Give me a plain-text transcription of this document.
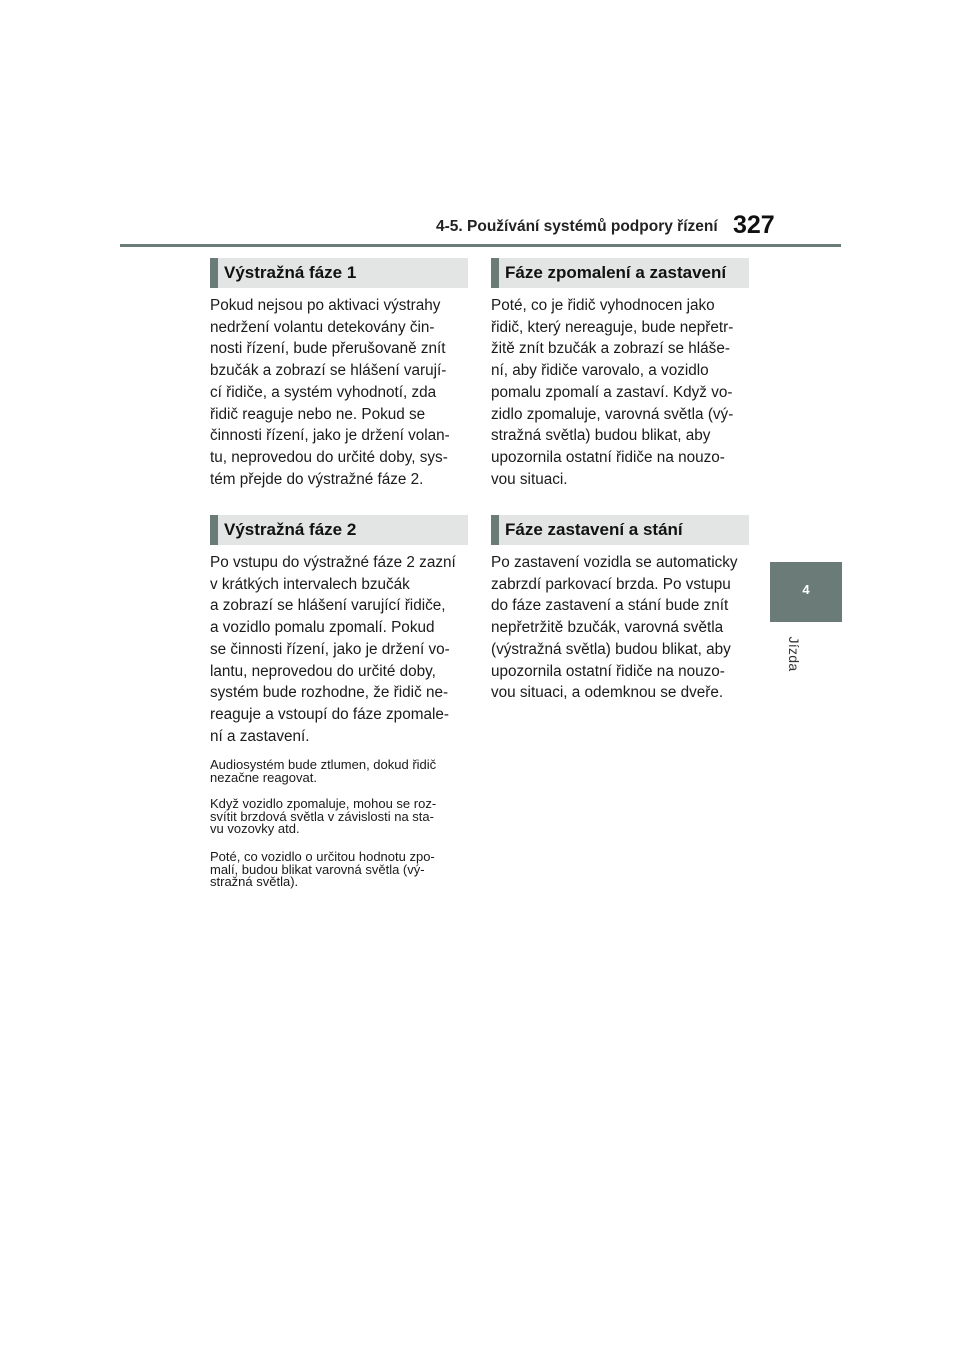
4-5. Používání systémů podpory řízení 327
4
Jízda
Výstražná fáze 1

Pokud nejsou po aktivaci výstrahy
nedržení volantu detekovány čin-
nosti řízení, bude přerušovaně znít
bzučák a zobrazí se hlášení varují-
cí řidiče, a systém vyhodnotí, zda
řidič reaguje nebo ne. Pokud se
činnosti řízení, jako je držení volan-
tu, neprovedou do určité doby, sys-
tém přejde do výstražné fáze 2.

Výstražná fáze 2

Po vstupu do výstražné fáze 2 zazní
v krátkých intervalech bzučák
a zobrazí se hlášení varující řidiče,
a vozidlo pomalu zpomalí. Pokud
se činnosti řízení, jako je držení vo-
lantu, neprovedou do určité doby,
systém bude rozhodne, že řidič ne-
reaguje a vstoupí do fáze zpomale-
ní a zastavení.

Audiosystém bude ztlumen, dokud řidič
nezačne reagovat.

Když vozidlo zpomaluje, mohou se roz-
svítit brzdová světla v závislosti na sta-
vu vozovky atd.

Poté, co vozidlo o určitou hodnotu zpo-
malí, budou blikat varovná světla (vý-
stražná světla).

Fáze zpomalení a zastavení

Poté, co je řidič vyhodnocen jako
řidič, který nereaguje, bude nepřetr-
žitě znít bzučák a zobrazí se hláše-
ní, aby řidiče varovalo, a vozidlo
pomalu zpomalí a zastaví. Když vo-
zidlo zpomaluje, varovná světla (vý-
stražná světla) budou blikat, aby
upozornila ostatní řidiče na nouzo-
vou situaci.

Fáze zastavení a stání

Po zastavení vozidla se automaticky
zabrzdí parkovací brzda. Po vstupu
do fáze zastavení a stání bude znít
nepřetržitě bzučák, varovná světla
(výstražná světla) budou blikat, aby
upozornila ostatní řidiče na nouzo-
vou situaci, a odemknou se dveře.
